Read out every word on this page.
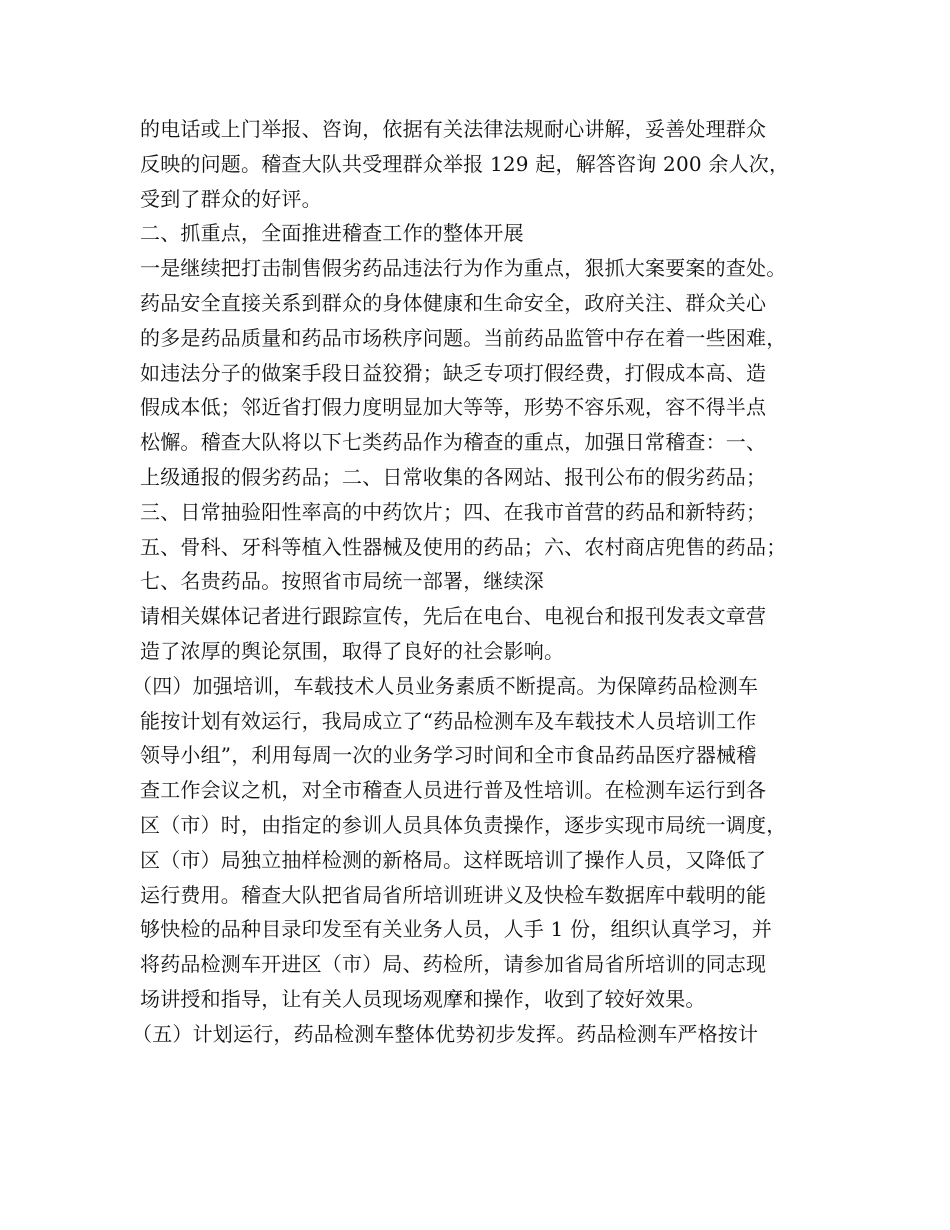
的电话或上门举报、咨询，依据有关法律法规耐心讲解，妥善处理群众
反映的问题。稽查大队共受理群众举报 129 起，解答咨询 200 余人次，
受到了群众的好评。
二、抓重点，全面推进稽查工作的整体开展
一是继续把打击制售假劣药品违法行为作为重点，狠抓大案要案的查处。
药品安全直接关系到群众的身体健康和生命安全，政府关注、群众关心
的多是药品质量和药品市场秩序问题。当前药品监管中存在着一些困难，
如违法分子的做案手段日益狡猾；缺乏专项打假经费，打假成本高、造
假成本低；邻近省打假力度明显加大等等，形势不容乐观，容不得半点
松懈。稽查大队将以下七类药品作为稽查的重点，加强日常稽查：一、
上级通报的假劣药品；二、日常收集的各网站、报刊公布的假劣药品；
三、日常抽验阳性率高的中药饮片；四、在我市首营的药品和新特药；
五、骨科、牙科等植入性器械及使用的药品；六、农村商店兜售的药品；
七、名贵药品。按照省市局统一部署，继续深
请相关媒体记者进行跟踪宣传，先后在电台、电视台和报刊发表文章营
造了浓厚的舆论氛围，取得了良好的社会影响。
（四）加强培训，车载技术人员业务素质不断提高。为保障药品检测车
能按计划有效运行，我局成立了“药品检测车及车载技术人员培训工作
领导小组”，利用每周一次的业务学习时间和全市食品药品医疗器械稽
查工作会议之机，对全市稽查人员进行普及性培训。在检测车运行到各
区（市）时，由指定的参训人员具体负责操作，逐步实现市局统一调度，
区（市）局独立抽样检测的新格局。这样既培训了操作人员，又降低了
运行费用。稽查大队把省局省所培训班讲义及快检车数据库中载明的能
够快检的品种目录印发至有关业务人员，人手 1 份，组织认真学习，并
将药品检测车开进区（市）局、药检所，请参加省局省所培训的同志现
场讲授和指导，让有关人员现场观摩和操作，收到了较好效果。
（五）计划运行，药品检测车整体优势初步发挥。药品检测车严格按计
